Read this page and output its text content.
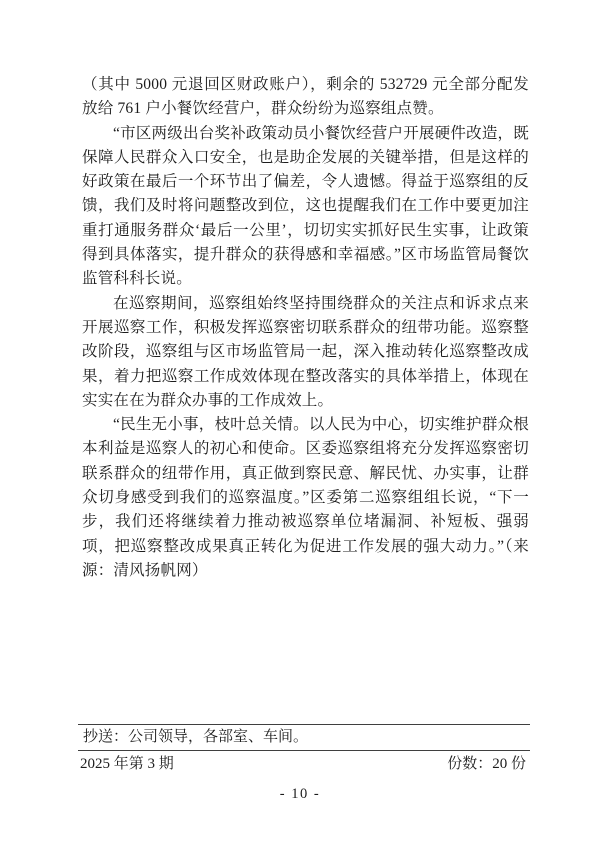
（其中 5000 元退回区财政账户），剩余的 532729 元全部分配发放给 761 户小餐饮经营户，群众纷纷为巡察组点赞。

“市区两级出台奖补政策动员小餐饮经营户开展硬件改造，既保障人民群众入口安全，也是助企发展的关键举措，但是这样的好政策在最后一个环节出了偏差，令人遗憾。得益于巡察组的反馈，我们及时将问题整改到位，这也提醒我们在工作中要更加注重打通服务群众‘最后一公里’，切切实实抓好民生实事，让政策得到具体落实，提升群众的获得感和幸福感。”区市场监管局餐饮监管科科长说。

在巡察期间，巡察组始终坚持围绕群众的关注点和诉求点来开展巡察工作，积极发挥巡察密切联系群众的纽带功能。巡察整改阶段，巡察组与区市场监管局一起，深入推动转化巡察整改成果，着力把巡察工作成效体现在整改落实的具体举措上，体现在实实在在为群众办事的工作成效上。

“民生无小事，枝叶总关情。以人民为中心，切实维护群众根本利益是巡察人的初心和使命。区委巡察组将充分发挥巡察密切联系群众的纽带作用，真正做到察民意、解民忧、办实事，让群众切身感受到我们的巡察温度。”区委第二巡察组组长说，“下一步，我们还将继续着力推动被巡察单位堵漏洞、补短板、强弱项，把巡察整改成果真正转化为促进工作发展的强大动力。”（来源：清风扬帆网）

抄送：公司领导，各部室、车间。
2025 年第 3 期	份数：20 份
- 10 -
